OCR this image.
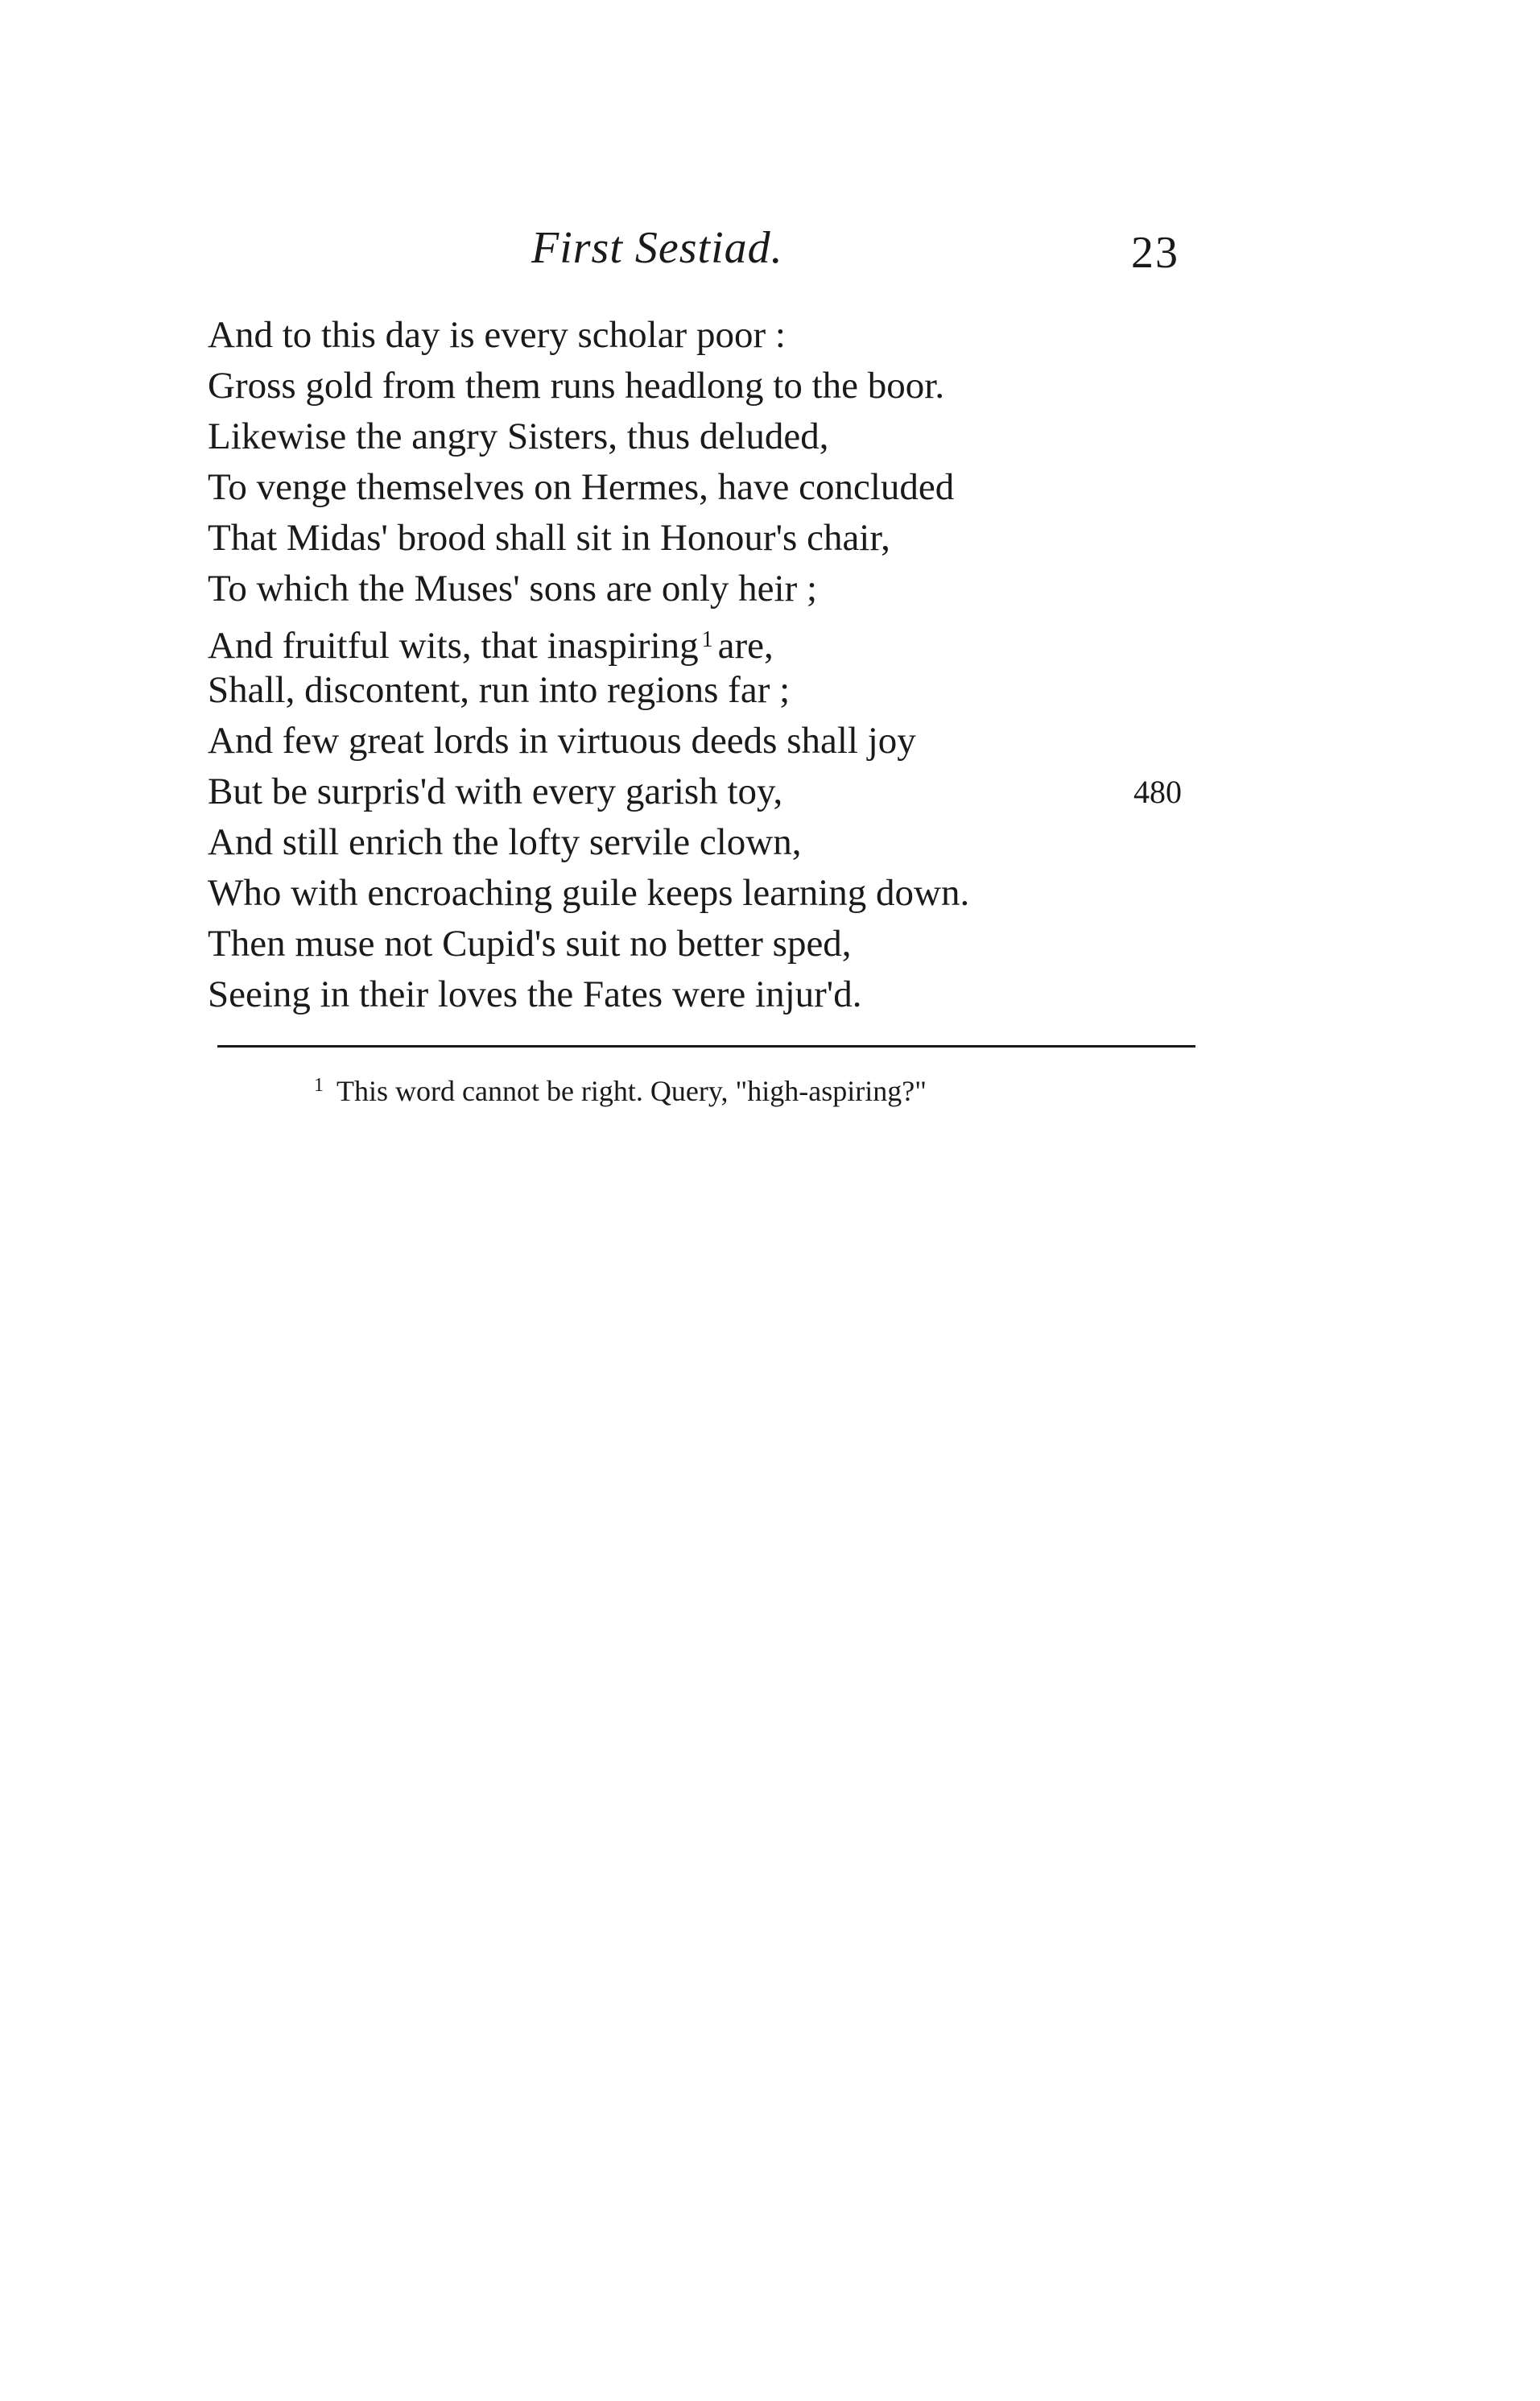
First Sestiad.	23
And to this day is every scholar poor :
Gross gold from them runs headlong to the boor.
Likewise the angry Sisters, thus deluded,
To venge themselves on Hermes, have concluded
That Midas' brood shall sit in Honour's chair,
To which the Muses' sons are only heir ;
And fruitful wits, that inaspiring $^1$ are,
Shall, discontent, run into regions far ;
And few great lords in virtuous deeds shall joy
But be surpris'd with every garish toy,	480
And still enrich the lofty servile clown,
Who with encroaching guile keeps learning down.
Then muse not Cupid's suit no better sped,
Seeing in their loves the Fates were injur'd.
$^1$ This word cannot be right. Query, "high-aspiring?"
